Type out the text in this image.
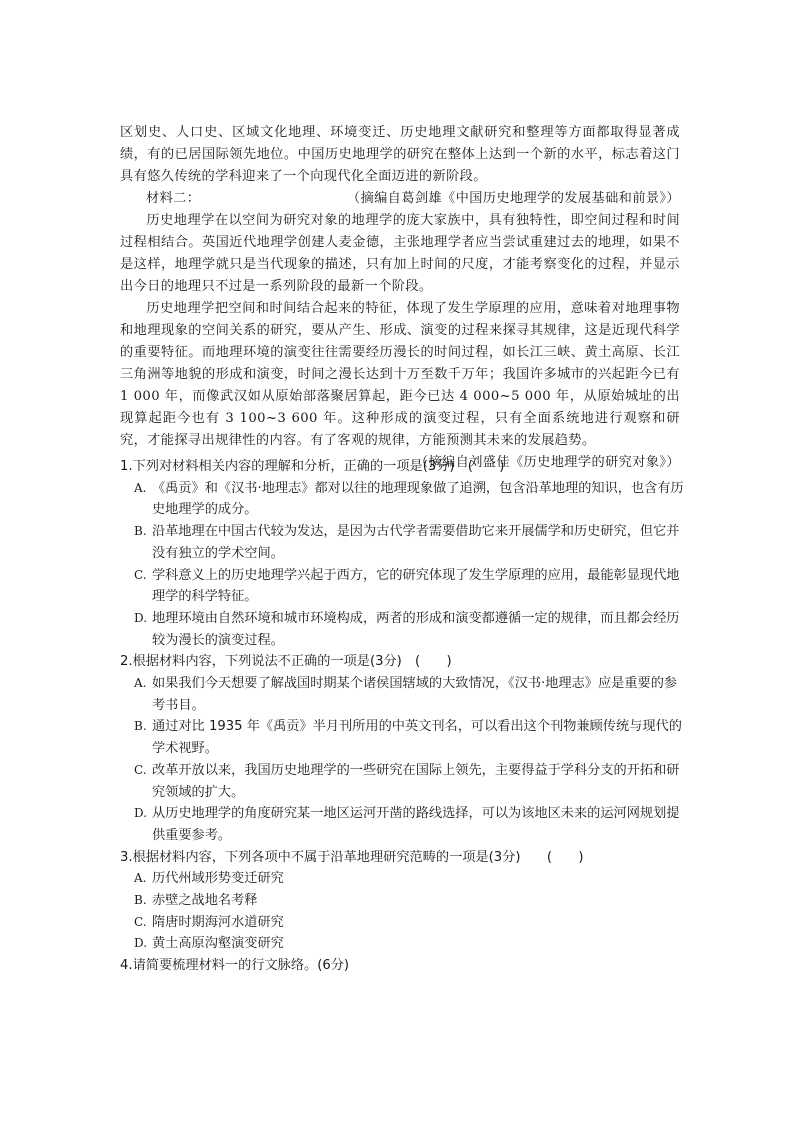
区划史、人口史、区域文化地理、环境变迁、历史地理文献研究和整理等方面都取得显著成绩，有的已居国际领先地位。中国历史地理学的研究在整体上达到一个新的水平，标志着这门具有悠久传统的学科迎来了一个向现代化全面迈进的新阶段。

（摘编自葛剑雄《中国历史地理学的发展基础和前景》）

材料二：

历史地理学在以空间为研究对象的地理学的庞大家族中，具有独特性，即空间过程和时间过程相结合。英国近代地理学创建人麦金德，主张地理学者应当尝试重建过去的地理，如果不是这样，地理学就只是当代现象的描述，只有加上时间的尺度，才能考察变化的过程，并显示出今日的地理只不过是一系列阶段的最新一个阶段。

历史地理学把空间和时间结合起来的特征，体现了发生学原理的应用，意味着对地理事物和地理现象的空间关系的研究，要从产生、形成、演变的过程来探寻其规律，这是近现代科学的重要特征。而地理环境的演变往往需要经历漫长的时间过程，如长江三峡、黄土高原、长江三角洲等地貌的形成和演变，时间之漫长达到十万至数千万年；我国许多城市的兴起距今已有 1 000 年，而像武汉如从原始部落聚居算起，距今已达 4 000~5 000 年，从原始城址的出现算起距今也有 3 100~3 600 年。这种形成的演变过程，只有全面系统地进行观察和研究，才能探寻出规律性的内容。有了客观的规律，方能预测其未来的发展趋势。

（摘编自刘盛佳《历史地理学的研究对象》）

1.下列对材料相关内容的理解和分析，正确的一项是(3分)　(　　)

A. 《禹贡》和《汉书·地理志》都对以往的地理现象做了追溯，包含沿革地理的知识，也含有历史地理学的成分。

B. 沿革地理在中国古代较为发达，是因为古代学者需要借助它来开展儒学和历史研究，但它并没有独立的学术空间。

C. 学科意义上的历史地理学兴起于西方，它的研究体现了发生学原理的应用，最能彰显现代地理学的科学特征。

D. 地理环境由自然环境和城市环境构成，两者的形成和演变都遵循一定的规律，而且都会经历较为漫长的演变过程。

2.根据材料内容，下列说法不正确的一项是(3分)　(　　)

A. 如果我们今天想要了解战国时期某个诸侯国辖域的大致情况，《汉书·地理志》应是重要的参考书目。

B. 通过对比 1935 年《禹贡》半月刊所用的中英文刊名，可以看出这个刊物兼顾传统与现代的学术视野。

C. 改革开放以来，我国历史地理学的一些研究在国际上领先，主要得益于学科分支的开拓和研究领域的扩大。

D. 从历史地理学的角度研究某一地区运河开凿的路线选择，可以为该地区未来的运河网规划提供重要参考。

3.根据材料内容，下列各项中不属于沿革地理研究范畴的一项是(3分)　　(　　)

A. 历代州域形势变迁研究

B. 赤壁之战地名考释

C. 隋唐时期海河水道研究

D. 黄土高原沟壑演变研究

4.请简要梳理材料一的行文脉络。(6分)
